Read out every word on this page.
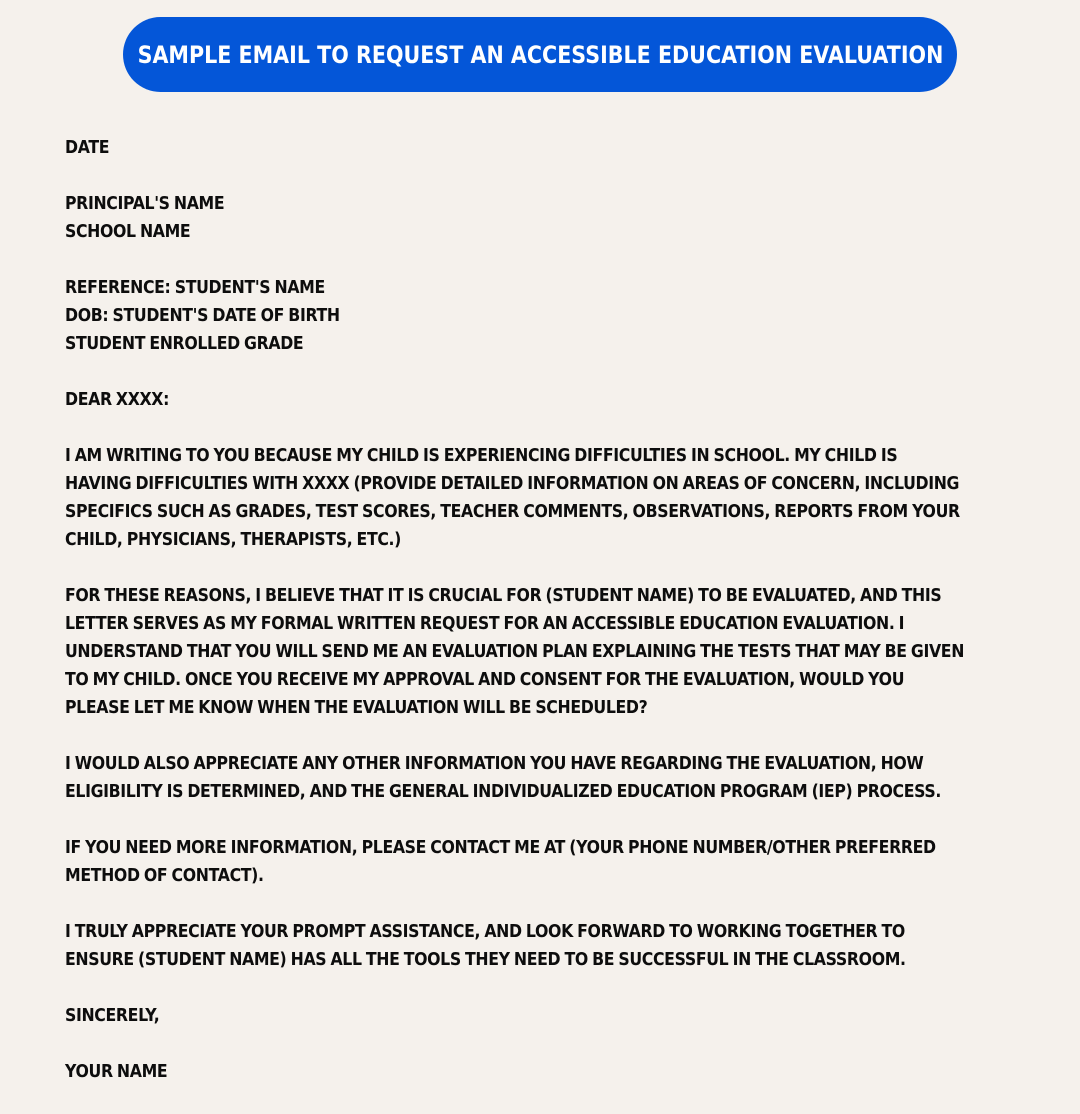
SAMPLE EMAIL TO REQUEST AN ACCESSIBLE EDUCATION EVALUATION

DATE

PRINCIPAL'S NAME

SCHOOL NAME

REFERENCE: STUDENT'S NAME

DOB: STUDENT'S DATE OF BIRTH

STUDENT ENROLLED GRADE

DEAR XXXX:

I AM WRITING TO YOU BECAUSE MY CHILD IS EXPERIENCING DIFFICULTIES IN SCHOOL. MY CHILD IS HAVING DIFFICULTIES WITH XXXX (PROVIDE DETAILED INFORMATION ON AREAS OF CONCERN, INCLUDING SPECIFICS SUCH AS GRADES, TEST SCORES, TEACHER COMMENTS, OBSERVATIONS, REPORTS FROM YOUR CHILD, PHYSICIANS, THERAPISTS, ETC.)

FOR THESE REASONS, I BELIEVE THAT IT IS CRUCIAL FOR (STUDENT NAME) TO BE EVALUATED, AND THIS LETTER SERVES AS MY FORMAL WRITTEN REQUEST FOR AN ACCESSIBLE EDUCATION EVALUATION. I UNDERSTAND THAT YOU WILL SEND ME AN EVALUATION PLAN EXPLAINING THE TESTS THAT MAY BE GIVEN TO MY CHILD. ONCE YOU RECEIVE MY APPROVAL AND CONSENT FOR THE EVALUATION, WOULD YOU PLEASE LET ME KNOW WHEN THE EVALUATION WILL BE SCHEDULED?

I WOULD ALSO APPRECIATE ANY OTHER INFORMATION YOU HAVE REGARDING THE EVALUATION, HOW ELIGIBILITY IS DETERMINED, AND THE GENERAL INDIVIDUALIZED EDUCATION PROGRAM (IEP) PROCESS.

IF YOU NEED MORE INFORMATION, PLEASE CONTACT ME AT (YOUR PHONE NUMBER/OTHER PREFERRED METHOD OF CONTACT).

I TRULY APPRECIATE YOUR PROMPT ASSISTANCE, AND LOOK FORWARD TO WORKING TOGETHER TO ENSURE (STUDENT NAME) HAS ALL THE TOOLS THEY NEED TO BE SUCCESSFUL IN THE CLASSROOM.

SINCERELY,

YOUR NAME
